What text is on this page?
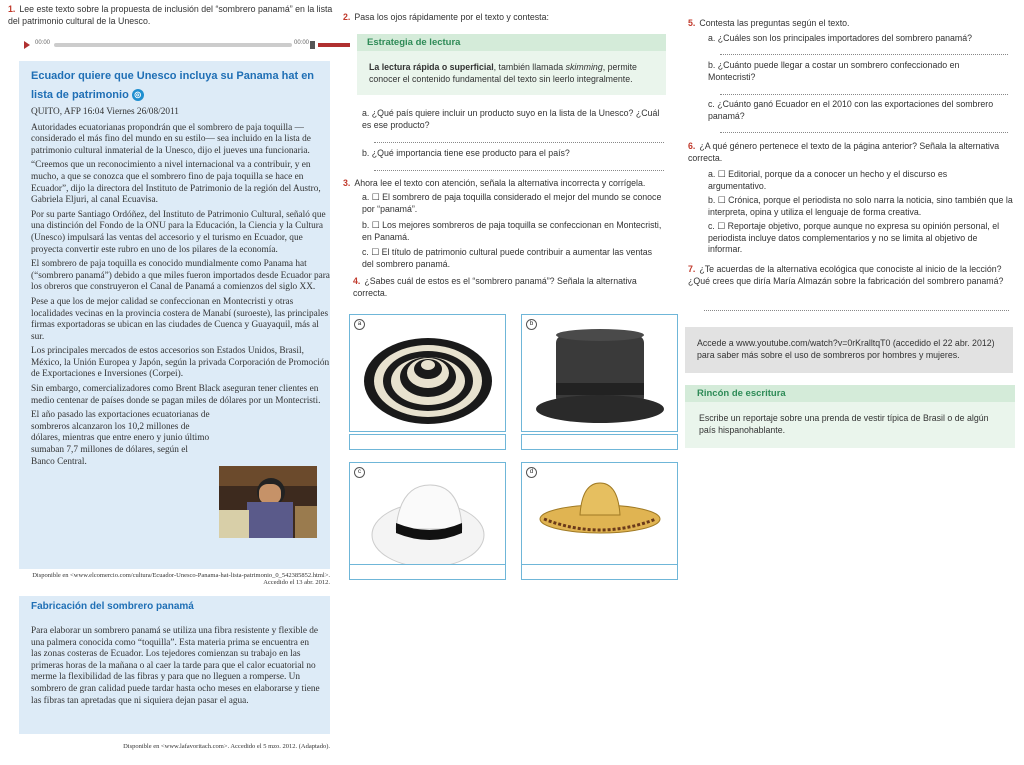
1. Lee este texto sobre la propuesta de inclusión del “sombrero panamá” en la lista del patrimonio cultural de la Unesco.
00:00	00:00
Ecuador quiere que Unesco incluya su Panama hat en lista de patrimonio ◎

QUITO, AFP 16:04 Viernes 26/08/2011

Autoridades ecuatorianas propondrán que el sombrero de paja toquilla —considerado el más fino del mundo en su estilo— sea incluido en la lista de patrimonio cultural inmaterial de la Unesco, dijo el jueves una funcionaria.

“Creemos que un reconocimiento a nivel internacional va a contribuir, y en mucho, a que se conozca que el sombrero fino de paja toquilla se hace en Ecuador”, dijo la directora del Instituto de Patrimonio de la región del Austro, Gabriela Eljuri, al canal Ecuavisa.

Por su parte Santiago Ordóñez, del Instituto de Patrimonio Cultural, señaló que una distinción del Fondo de la ONU para la Educación, la Ciencia y la Cultura (Unesco) impulsará las ventas del accesorio y el turismo en Ecuador, que proyecta convertir este rubro en uno de los pilares de la economía.

El sombrero de paja toquilla es conocido mundialmente como Panama hat (“sombrero panamá”) debido a que miles fueron importados desde Ecuador para los obreros que construyeron el Canal de Panamá a comienzos del siglo XX.

Pese a que los de mejor calidad se confeccionan en Montecristi y otras localidades vecinas en la provincia costera de Manabí (suroeste), las principales firmas exportadoras se ubican en las ciudades de Cuenca y Guayaquil, más al sur.

Los principales mercados de estos accesorios son Estados Unidos, Brasil, México, la Unión Europea y Japón, según la privada Corporación de Promoción de Exportaciones e Inversiones (Corpei).

Sin embargo, comercializadores como Brent Black aseguran tener clientes en medio centenar de países donde se pagan miles de dólares por un Montecristi.

El año pasado las exportaciones ecuatorianas de sombreros alcanzaron los 10,2 millones de dólares, mientras que entre enero y junio último sumaban 7,7 millones de dólares, según el Banco Central.

Disponible en <www.elcomercio.com/cultura/Ecuador-Unesco-Panama-hat-lista-patrimonio_0_542385852.html>.
Accedido el 13 abr. 2012.
Fabricación del sombrero panamá
Para elaborar un sombrero panamá se utiliza una fibra resistente y flexible de una palmera conocida como “toquilla”. Esta materia prima se encuentra en las zonas costeras de Ecuador. Los tejedores comienzan su trabajo en las primeras horas de la mañana o al caer la tarde para que el calor ecuatorial no merme la flexibilidad de las fibras y para que no lleguen a romperse. Un sombrero de gran calidad puede tardar hasta ocho meses en elaborarse y tiene las fibras tan apretadas que ni siquiera dejan pasar el agua.
Disponible en <www.lafavoritach.com>. Accedido el 5 mzo. 2012. (Adaptado).
2. Pasa los ojos rápidamente por el texto y contesta:
Estrategia de lectura
La lectura rápida o superficial, también llamada skimming, permite conocer el contenido fundamental del texto sin leerlo integralmente.
a. ¿Qué país quiere incluir un producto suyo en la lista de la Unesco? ¿Cuál es ese producto?
b. ¿Qué importancia tiene ese producto para el país?
3. Ahora lee el texto con atención, señala la alternativa incorrecta y corrígela.
a. ☐ El sombrero de paja toquilla considerado el mejor del mundo se conoce por “panamá”.
b. ☐ Los mejores sombreros de paja toquilla se confeccionan en Montecristi, en Panamá.
c. ☐ El título de patrimonio cultural puede contribuir a aumentar las ventas del sombrero panamá.
4. ¿Sabes cuál de estos es el “sombrero panamá”? Señala la alternativa correcta.
a	b
c	d
5. Contesta las preguntas según el texto.
a. ¿Cuáles son los principales importadores del sombrero panamá?
b. ¿Cuánto puede llegar a costar un sombrero confeccionado en Montecristi?
c. ¿Cuánto ganó Ecuador en el 2010 con las exportaciones del sombrero panamá?
6. ¿A qué género pertenece el texto de la página anterior? Señala la alternativa correcta.
a. ☐ Editorial, porque da a conocer un hecho y el discurso es argumentativo.
b. ☐ Crónica, porque el periodista no solo narra la noticia, sino también que la interpreta, opina y utiliza el lenguaje de forma creativa.
c. ☐ Reportaje objetivo, porque aunque no expresa su opinión personal, el periodista incluye datos complementarios y no se limita al objetivo de informar.
7. ¿Te acuerdas de la alternativa ecológica que conociste al inicio de la lección? ¿Qué crees que diría María Almazán sobre la fabricación del sombrero panamá?
Accede a www.youtube.com/watch?v=0rKralltqT0 (accedido el 22 abr. 2012) para saber más sobre el uso de sombreros por hombres y mujeres.
Rincón de escritura
Escribe un reportaje sobre una prenda de vestir típica de Brasil o de algún país hispanohablante.
